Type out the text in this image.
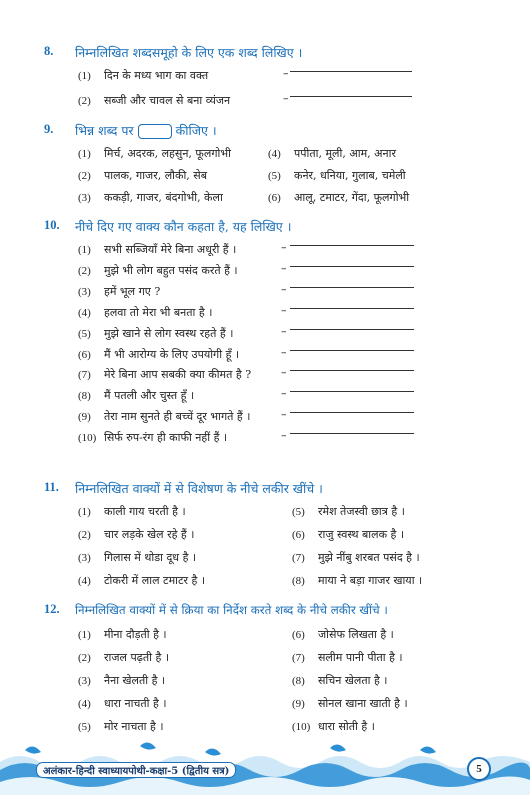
8. निम्नलिखित शब्दसमूहो के लिए एक शब्द लिखिए ।
(1) दिन के मध्य भाग का वक्त	–
(2) सब्जी और चावल से बना व्यंजन	–
9. भिन्न शब्द पर	कीजिए ।
(1) मिर्च, अदरक, लहसुन, फूलगोभी	(4) पपीता, मूली, आम, अनार
(2) पालक, गाजर, लौकी, सेब	(5) कनेर, धनिया, गुलाब, चमेली
(3) ककड़ी, गाजर, बंदगोभी, केला	(6) आलू, टमाटर, गेंदा, फूलगोभी
10. नीचे दिए गए वाक्य कौन कहता है, यह लिखिए ।
(1) सभी सब्जियाँ मेरे बिना अधूरी हैं ।	–
(2) मुझे भी लोग बहुत पसंद करते हैं ।	–
(3) हमें भूल गए ?	–
(4) हलवा तो मेरा भी बनता है ।	–
(5) मुझे खाने से लोग स्वस्थ रहते हैं ।	–
(6) मैं भी आरोग्य के लिए उपयोगी हूँ ।	–
(7) मेरे बिना आप सबकी क्या कीमत है ?	–
(8) मैं पतली और चुस्त हूँ ।	–
(9) तेरा नाम सुनते ही बच्चें दूर भागते हैं ।	–
(10) सिर्फ रुप-रंग ही काफी नहीं हैं ।	–
11. निम्नलिखित वाक्यों में से विशेषण के नीचे लकीर खींचे ।
(1) काली गाय चरती है ।	(5) रमेश तेजस्वी छात्र है ।
(2) चार लड़के खेल रहे हैं ।	(6) राजु स्वस्थ बालक है ।
(3) गिलास में थोडा दूध है ।	(7) मुझे नींबु शरबत पसंद है ।
(4) टोकरी में लाल टमाटर है ।	(8) माया ने बड़ा गाजर खाया ।
12. निम्नलिखित वाक्यों में से क्रिया का निर्देश करते शब्द के नीचे लकीर खींचे ।
(1) मीना दौड़ती है ।	(6) जोसेफ लिखता है ।
(2) राजल पढ़ती है ।	(7) सलीम पानी पीता है ।
(3) नैना खेलती है ।	(8) सचिन खेलता है ।
(4) धारा नाचती है ।	(9) सोनल खाना खाती है ।
(5) मोर नाचता है ।	(10) धारा सोती है ।
अलंकार-हिन्दी स्वाध्यायपोथी-कक्षा-5 (द्वितीय सत्र)	5
